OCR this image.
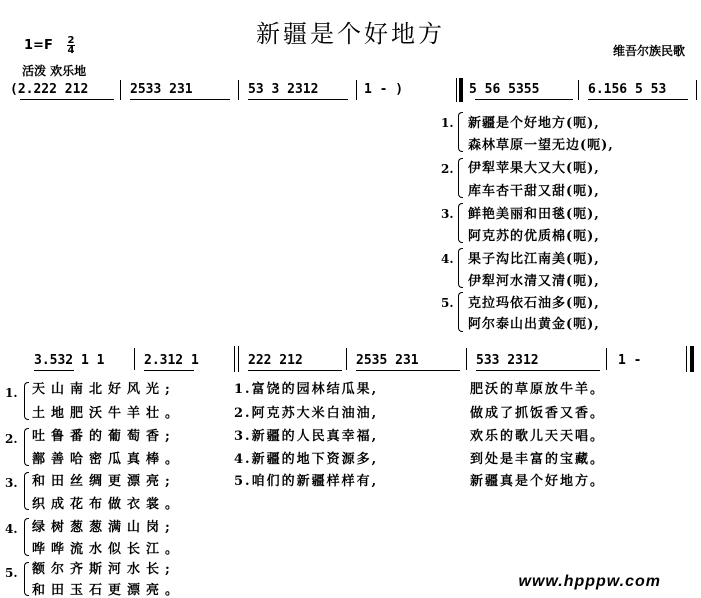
新疆是个好地方
1=F 2
4
活泼 欢乐地
维吾尔族民歌
(2.222 212	2533 231	53 3 2312	1 - )	5 56 5355	6.156 5 53
1. 新疆是个好地方(呃),
森林草原一望无边(呃),
2. 伊犁苹果大又大(呃),
库车杏干甜又甜(呃),
3. 鲜艳美丽和田毯(呃),
阿克苏的优质棉(呃),
4. 果子沟比江南美(呃),
伊犁河水清又清(呃),
5. 克拉玛依石油多(呃),
阿尔泰山出黄金(呃),
3.532 1 1	2.312 1	222 212	2535 231	533 2312	1 -
1. 天山南北好风光;
土地肥沃牛羊壮。
2. 吐鲁番的葡萄香;
鄯善哈密瓜真棒。
3. 和田丝绸更漂亮;
织成花布做衣裳。
4. 绿树葱葱满山岗;
哗哗流水似长江。
5. 额尔齐斯河水长;
和田玉石更漂亮。
1.富饶的园林结瓜果,	肥沃的草原放牛羊。
2.阿克苏大米白油油,	做成了抓饭香又香。
3.新疆的人民真幸福,	欢乐的歌儿天天唱。
4.新疆的地下资源多,	到处是丰富的宝藏。
5.咱们的新疆样样有,	新疆真是个好地方。
www.hpppw.com
